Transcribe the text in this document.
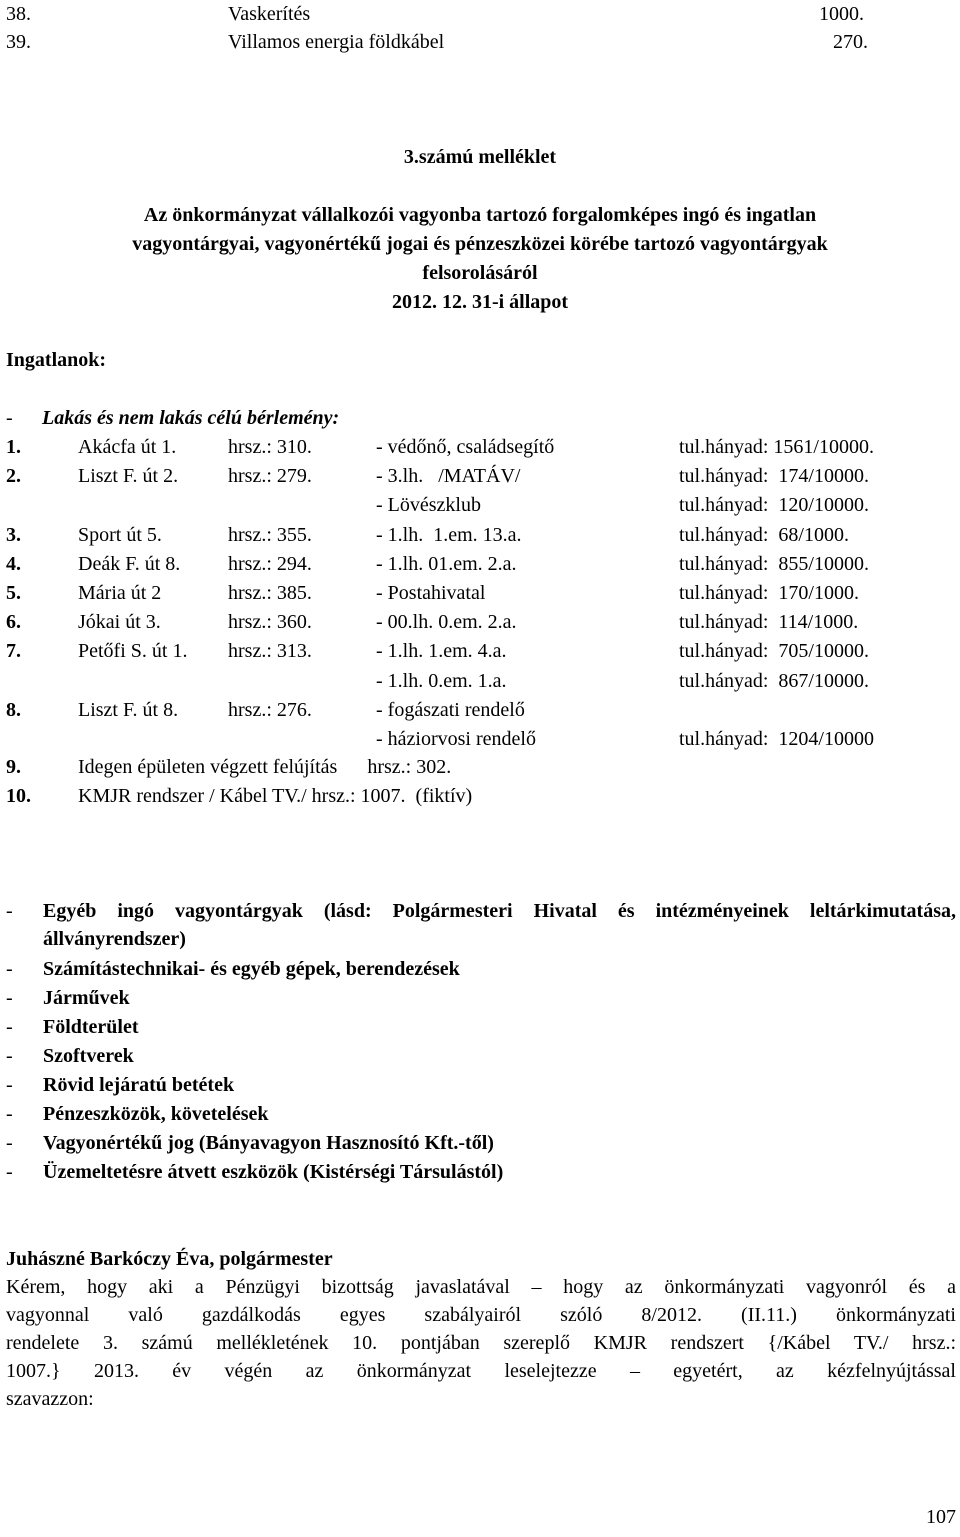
38.	Vaskerítés	1000.
39.	Villamos energia földkábel	270.
3.számú melléklet
Az önkormányzat vállalkozói vagyonba tartozó forgalomképes ingó és ingatlan
vagyontárgyai, vagyonértékű jogai és pénzeszközei körébe tartozó vagyontárgyak
felsorolásáról
2012. 12. 31-i állapot
Ingatlanok:
- Lakás és nem lakás célú bérlemény:
1.	Akácfa út 1.	hrsz.: 310.	- védőnő, családsegítő	tul.hányad: 1561/10000.
2.	Liszt F. út 2. hrsz.: 279.	- 3.lh.   /MATÁV/	tul.hányad:  174/10000.
- Lövészklub	tul.hányad:  120/10000.
3.	Sport út 5.	hrsz.: 355.	- 1.lh.  1.em. 13.a.	tul.hányad:  68/1000.
4.	Deák F. út 8. hrsz.: 294.	- 1.lh. 01.em. 2.a.	tul.hányad:  855/10000.
5.	Mária út 2	hrsz.: 385.	- Postahivatal	tul.hányad:  170/1000.
6.	Jókai út 3.	hrsz.: 360.	- 00.lh. 0.em. 2.a.	tul.hányad:  114/1000.
7.	Petőfi S. út 1. hrsz.: 313.	- 1.lh. 1.em. 4.a.	tul.hányad:  705/10000.
- 1.lh. 0.em. 1.a.	tul.hányad:  867/10000.
8.	Liszt F. út 8. hrsz.: 276.	- fogászati rendelő
- háziorvosi rendelő	tul.hányad:  1204/10000
9.	Idegen épületen végzett felújítás      hrsz.: 302.
10. KMJR rendszer / Kábel TV./ hrsz.: 1007.  (fiktív)
- Egyéb ingó vagyontárgyak (lásd: Polgármesteri Hivatal és intézményeinek leltárkimutatása, állványrendszer)
- Számítástechnikai- és egyéb gépek, berendezések
- Járművek
- Földterület
- Szoftverek
- Rövid lejáratú betétek
- Pénzeszközök, követelések
- Vagyonértékű jog (Bányavagyon Hasznosító Kft.-től)
- Üzemeltetésre átvett eszközök (Kistérségi Társulástól)
Juhászné Barkóczy Éva, polgármester
Kérem, hogy aki a Pénzügyi bizottság javaslatával – hogy az önkormányzati vagyonról és a
vagyonnal való gazdálkodás egyes szabályairól szóló 8/2012. (II.11.) önkormányzati
rendelete 3. számú mellékletének 10. pontjában szereplő KMJR rendszert {/Kábel TV./ hrsz.:
1007.} 2013. év végén az önkormányzat leselejtezze – egyetért, az kézfelnyújtással
szavazzon:
107
